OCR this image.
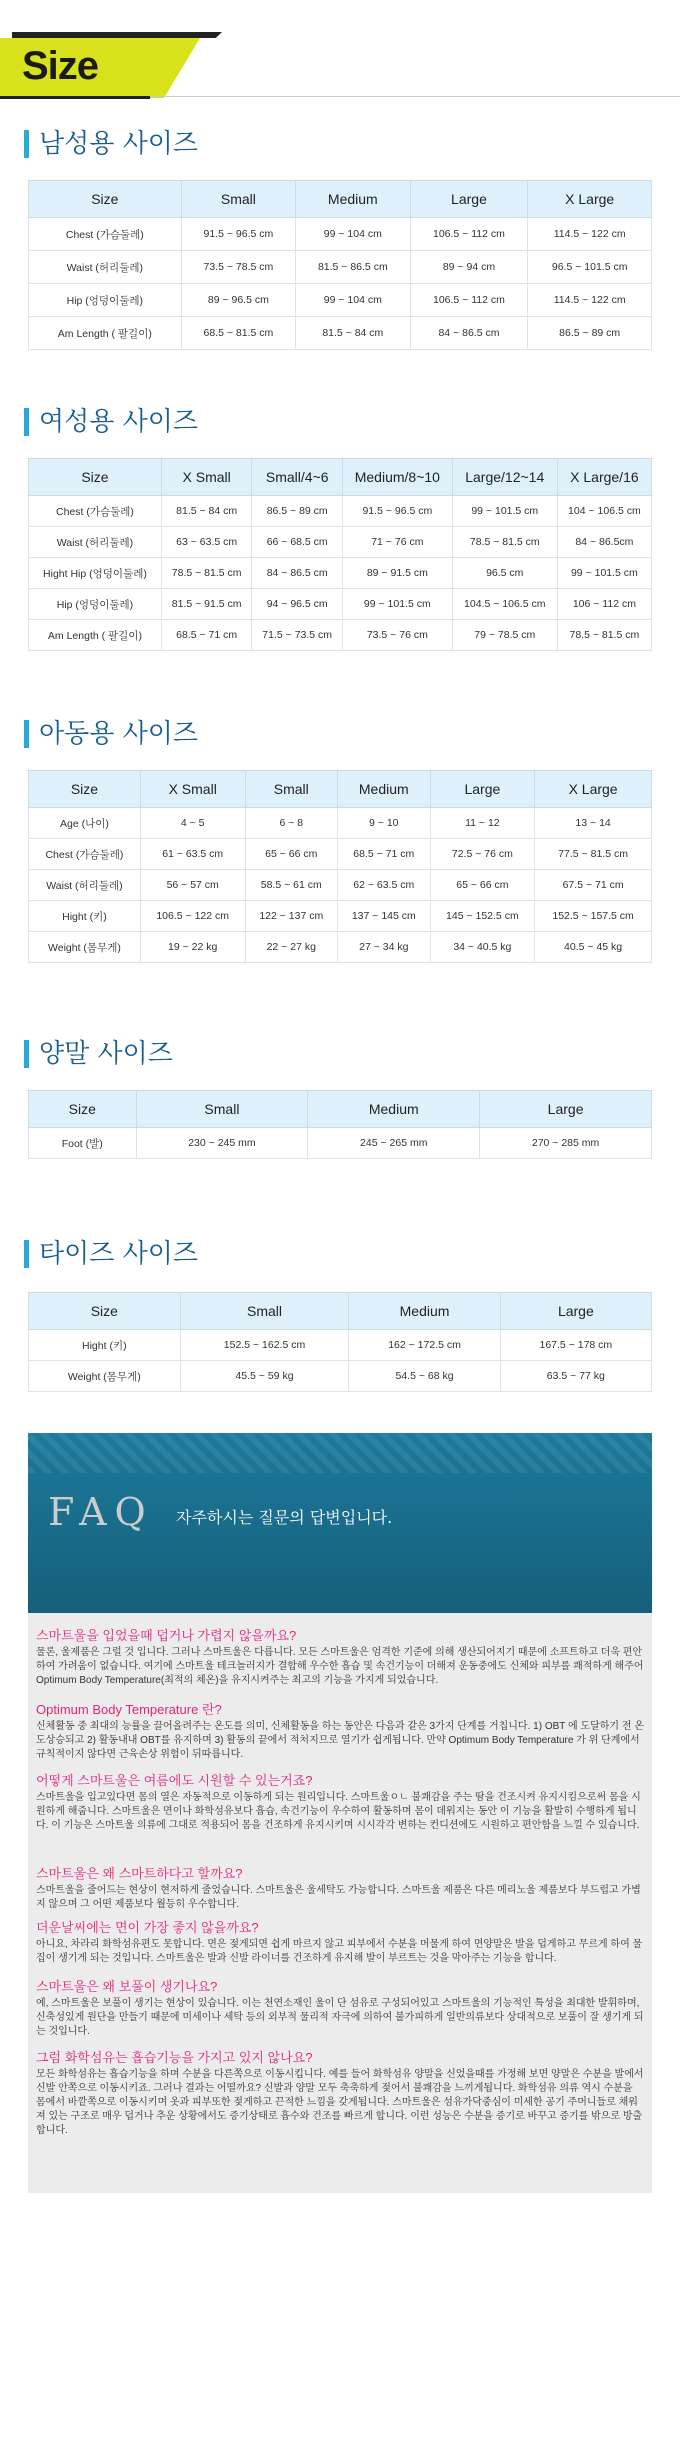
Size
남성용 사이즈
Size	Small	Medium	Large	X Large
Chest (가슴둘레)	91.5 ~ 96.5 cm	99 ~ 104 cm	106.5 ~ 112 cm	114.5 ~ 122 cm
Waist (허리둘레)	73.5 ~ 78.5 cm	81.5 ~ 86.5 cm	89 ~ 94 cm	96.5 ~ 101.5 cm
Hip (엉덩이둘레)	89 ~ 96.5 cm	99 ~ 104 cm	106.5 ~ 112 cm	114.5 ~ 122 cm
Am Length ( 팔길이)	68.5 ~ 81.5 cm	81.5 ~ 84 cm	84 ~ 86.5 cm	86.5 ~ 89 cm
여성용 사이즈
Size	X Small	Small/4~6	Medium/8~10	Large/12~14	X Large/16
Chest (가슴둘레)	81.5 ~ 84 cm	86.5 ~ 89 cm	91.5 ~ 96.5 cm	99 ~ 101.5 cm	104 ~ 106.5 cm
Waist (허리둘레)	63 ~ 63.5 cm	66 ~ 68.5 cm	71 ~ 76 cm	78.5 ~ 81.5 cm	84 ~ 86.5cm
Hight Hip (엉덩이둘레)	78.5 ~ 81.5 cm	84 ~ 86.5 cm	89 ~ 91.5 cm	96.5 cm	99 ~ 101.5 cm
Hip (엉덩이둘레)	81.5 ~ 91.5 cm	94 ~ 96.5 cm	99 ~ 101.5 cm	104.5 ~ 106.5 cm	106 ~ 112 cm
Am Length ( 팔길이)	68.5 ~ 71 cm	71.5 ~ 73.5 cm	73.5 ~ 76 cm	79 ~ 78.5 cm	78.5 ~ 81.5 cm
아동용 사이즈
Size	X Small	Small	Medium	Large	X Large
Age (나이)	4 ~ 5	6 ~ 8	9 ~ 10	11 ~ 12	13 ~ 14
Chest (가슴둘레)	61 ~ 63.5 cm	65 ~ 66 cm	68.5 ~ 71 cm	72.5 ~ 76 cm	77.5 ~ 81.5 cm
Waist (허리둘레)	56 ~ 57 cm	58.5 ~ 61 cm	62 ~ 63.5 cm	65 ~ 66 cm	67.5 ~ 71 cm
Hight (키)	106.5 ~ 122 cm	122 ~ 137 cm	137 ~ 145 cm	145 ~ 152.5 cm	152.5 ~ 157.5 cm
Weight (몸무게)	19 ~ 22 kg	22 ~ 27 kg	27 ~ 34 kg	34 ~ 40.5 kg	40.5 ~ 45 kg
양말 사이즈
Size	Small	Medium	Large
Foot (발)	230 ~ 245 mm	245 ~ 265 mm	270 ~ 285 mm
타이즈 사이즈
Size	Small	Medium	Large
Hight (키)	152.5 ~ 162.5 cm	162 ~ 172.5 cm	167.5 ~ 178 cm
Weight (몸무게)	45.5 ~ 59 kg	54.5 ~ 68 kg	63.5 ~ 77 kg
FAQ 자주하시는 질문의 답변입니다.
스마트울을 입었을때 덥거나 가렵지 않을까요?

물론, 울제품은 그럴 것 입니다. 그러나 스마트울은 다릅니다. 모든 스마트울은 엄격한 기준에 의해 생산되어지기 때문에 소프트하고 더욱 편안하여 가려움이 없습니다. 여기에 스마트울 테크놀러지가 결합해 우수한 흡습 및 속건기능이 더해져 운동중에도 신체와 피부를 쾌적하게 해주어 Optimum Body Temperature(최적의 체온)을 유지시켜주는 최고의 기능을 가지게 되었습니다.

Optimum Body Temperature 란?

신체활동 중 최대의 능률을 끌어올려주는 온도를 의미, 신체활동을 하는 동안은 다음과 같은 3가지 단계를 거칩니다. 1) OBT 에 도달하기 전 온도상승되고 2) 활동내내 OBT를 유지하며 3) 활동의 끝에서 적처지므로 열기가 쉽게됩니다. 만약 Optimum Body Temperature 가 위 단계에서 규칙적이지 않다면 근육손상 위험이 뒤따릅니다.

어떻게 스마트울은 여름에도 시원할 수 있는거죠?

스마트울을 입고있다면 몸의 열은 자동적으로 이동하게 되는 원리입니다. 스마트울ㅇㄴ 불쾌감을 주는 땀을 건조시켜 유지시킴으로써 몸을 시원하게 해줍니다. 스마트울은 면이나 화학섬유보다 흡습, 속건기능이 우수하여 활동하며 몸이 데워지는 동안 이 기능을 활발히 수행하게 됩니다. 이 기능은 스마트울 의류에 그대로 적용되어 몸을 건조하게 유지시키며 시시각각 변하는 컨디션에도 시원하고 편안함을 느낄 수 있습니다.

스마트울은 왜 스마트하다고 할까요?

스마트울을 줄어드는 현상이 현저하게 줄었습니다. 스마트울은 울세탁도 가능합니다. 스마트울 제품은 다른 메리노울 제품보다 부드럽고 가볍지 않으며 그 어떤 제품보다 월등히 우수합니다.

더운날씨에는 면이 가장 좋지 않을까요?

아니요, 차라리 화학섬유편도 못합니다. 면은 젖게되면 쉽게 마르지 않고 피부에서 수분을 머물게 하여 면양말은 발을 덥게하고 무르게 하여 물집이 생기게 되는 것입니다. 스마트울은 발과 신발 라이너를 건조하게 유지해 발이 부르트는 것을 막아주는 기능을 합니다.

스마트울은 왜 보풀이 생기나요?

예, 스마트울은 보풀이 생기는 현상이 있습니다. 이는 천연소재인 울이 단 섬유로 구성되어있고 스마트울의 기능적인 특성을 최대한 발휘하며, 신축성있게 원단을 만들기 때문에 미세이나 세탁 등의 외부적 물리적 자극에 의하여 불가피하게 일반의류보다 상대적으로 보풀이 잘 생기게 되는 것입니다.

그럼 화학섬유는 흡습기능을 가지고 있지 않나요?

모든 화학섬유는 흡습기능을 하며 수분을 다른쪽으로 이동시킵니다. 예를 들어 화학섬유 양말을 신었을때를 가정해 보면 양말은 수분을 발에서 신발 안쪽으로 이동시키죠. 그러나 결과는 어떨까요? 신발과 양말 모두 축축하게 젖어서 불쾌감을 느끼게됩니다. 화학섬유 의류 역시 수분을 몸에서 바깥쪽으로 이동시키며 옷과 피부또한 젖게하고 끈적한 느낌을 갖게됩니다. 스마트울은 섬유가닥중심이 미세한 공기 주머니들로 채워져 있는 구조로 매우 덥거나 추운 상황에서도 증기상태로 흡수와 건조를 빠르게 합니다. 이런 성능은 수분을 증기로 바꾸고 증기를 밖으로 방출합니다.
